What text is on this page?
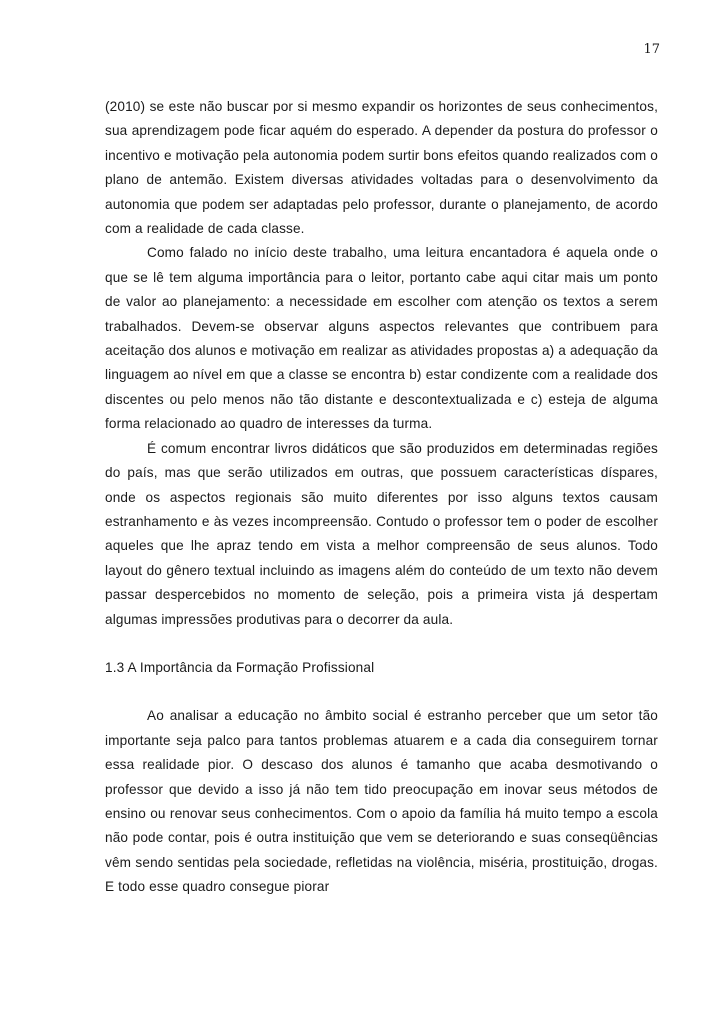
17

(2010) se este não buscar por si mesmo expandir os horizontes de seus conhecimentos, sua aprendizagem pode ficar aquém do esperado. A depender da postura do professor o incentivo e motivação pela autonomia podem surtir bons efeitos quando realizados com o plano de antemão. Existem diversas atividades voltadas para o desenvolvimento da autonomia que podem ser adaptadas pelo professor, durante o planejamento, de acordo com a realidade de cada classe.

Como falado no início deste trabalho, uma leitura encantadora é aquela onde o que se lê tem alguma importância para o leitor, portanto cabe aqui citar mais um ponto de valor ao planejamento: a necessidade em escolher com atenção os textos a serem trabalhados. Devem-se observar alguns aspectos relevantes que contribuem para aceitação dos alunos e motivação em realizar as atividades propostas a) a adequação da linguagem ao nível em que a classe se encontra b) estar condizente com a realidade dos discentes ou pelo menos não tão distante e descontextualizada e c) esteja de alguma forma relacionado ao quadro de interesses da turma.

É comum encontrar livros didáticos que são produzidos em determinadas regiões do país, mas que serão utilizados em outras, que possuem características díspares, onde os aspectos regionais são muito diferentes por isso alguns textos causam estranhamento e às vezes incompreensão. Contudo o professor tem o poder de escolher aqueles que lhe apraz tendo em vista a melhor compreensão de seus alunos. Todo layout do gênero textual incluindo as imagens além do conteúdo de um texto não devem passar despercebidos no momento de seleção, pois a primeira vista já despertam algumas impressões produtivas para o decorrer da aula.

1.3 A Importância da Formação Profissional

Ao analisar a educação no âmbito social é estranho perceber que um setor tão importante seja palco para tantos problemas atuarem e a cada dia conseguirem tornar essa realidade pior. O descaso dos alunos é tamanho que acaba desmotivando o professor que devido a isso já não tem tido preocupação em inovar seus métodos de ensino ou renovar seus conhecimentos. Com o apoio da família há muito tempo a escola não pode contar, pois é outra instituição que vem se deteriorando e suas conseqüências vêm sendo sentidas pela sociedade, refletidas na violência, miséria, prostituição, drogas. E todo esse quadro consegue piorar
